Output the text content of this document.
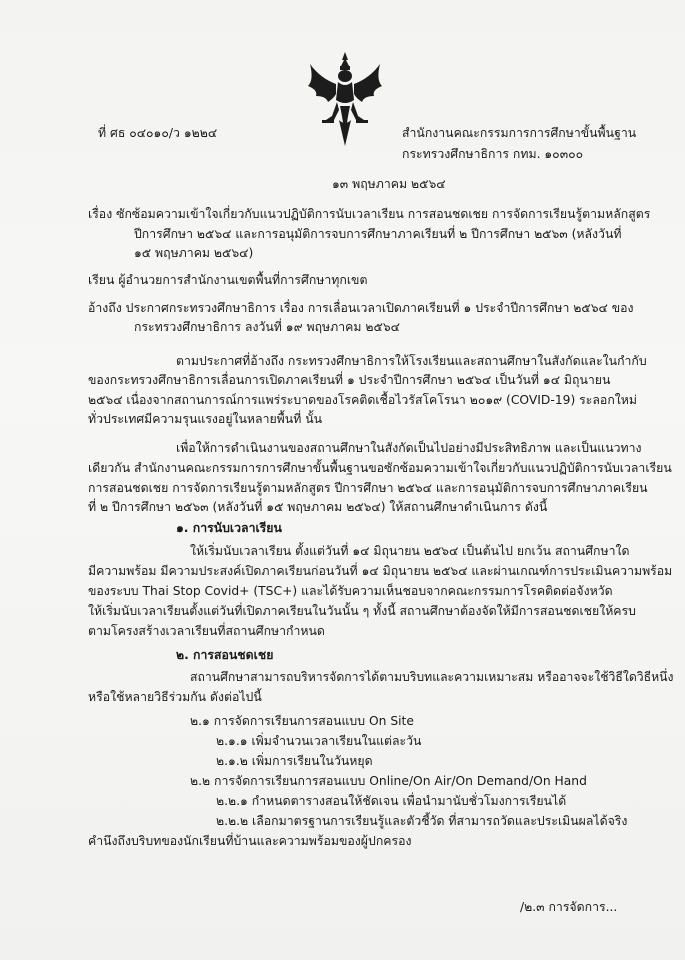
ที่ ศธ ๐๔๐๑๐/ว ๑๒๒๔	สำนักงานคณะกรรมการการศึกษาขั้นพื้นฐาน
กระทรวงศึกษาธิการ กทม. ๑๐๓๐๐
๑๓ พฤษภาคม ๒๕๖๔
เรื่อง ซักซ้อมความเข้าใจเกี่ยวกับแนวปฏิบัติการนับเวลาเรียน การสอนชดเชย การจัดการเรียนรู้ตามหลักสูตร
ปีการศึกษา ๒๕๖๔ และการอนุมัติการจบการศึกษาภาคเรียนที่ ๒ ปีการศึกษา ๒๕๖๓ (หลังวันที่
๑๕ พฤษภาคม ๒๕๖๔)
เรียน ผู้อำนวยการสำนักงานเขตพื้นที่การศึกษาทุกเขต
อ้างถึง ประกาศกระทรวงศึกษาธิการ เรื่อง การเลื่อนเวลาเปิดภาคเรียนที่ ๑ ประจำปีการศึกษา ๒๕๖๔ ของ
กระทรวงศึกษาธิการ ลงวันที่ ๑๙ พฤษภาคม ๒๕๖๔
ตามประกาศที่อ้างถึง กระทรวงศึกษาธิการให้โรงเรียนและสถานศึกษาในสังกัดและในกำกับ
ของกระทรวงศึกษาธิการเลื่อนการเปิดภาคเรียนที่ ๑ ประจำปีการศึกษา ๒๕๖๔ เป็นวันที่ ๑๔ มิถุนายน
๒๕๖๔ เนื่องจากสถานการณ์การแพร่ระบาดของโรคติดเชื้อไวรัสโคโรนา ๒๐๑๙ (COVID-19) ระลอกใหม่
ทั่วประเทศมีความรุนแรงอยู่ในหลายพื้นที่ นั้น
เพื่อให้การดำเนินงานของสถานศึกษาในสังกัดเป็นไปอย่างมีประสิทธิภาพ และเป็นแนวทาง
เดียวกัน สำนักงานคณะกรรมการการศึกษาขั้นพื้นฐานขอซักซ้อมความเข้าใจเกี่ยวกับแนวปฏิบัติการนับเวลาเรียน
การสอนชดเชย การจัดการเรียนรู้ตามหลักสูตร ปีการศึกษา ๒๕๖๔ และการอนุมัติการจบการศึกษาภาคเรียน
ที่ ๒ ปีการศึกษา ๒๕๖๓ (หลังวันที่ ๑๕ พฤษภาคม ๒๕๖๔) ให้สถานศึกษาดำเนินการ ดังนี้
๑. การนับเวลาเรียน
ให้เริ่มนับเวลาเรียน ตั้งแต่วันที่ ๑๔ มิถุนายน ๒๕๖๔ เป็นต้นไป ยกเว้น สถานศึกษาใด
มีความพร้อม มีความประสงค์เปิดภาคเรียนก่อนวันที่ ๑๔ มิถุนายน ๒๕๖๔ และผ่านเกณฑ์การประเมินความพร้อม
ของระบบ Thai Stop Covid+ (TSC+) และได้รับความเห็นชอบจากคณะกรรมการโรคติดต่อจังหวัด
ให้เริ่มนับเวลาเรียนตั้งแต่วันที่เปิดภาคเรียนในวันนั้น ๆ ทั้งนี้ สถานศึกษาต้องจัดให้มีการสอนชดเชยให้ครบ
ตามโครงสร้างเวลาเรียนที่สถานศึกษากำหนด
๒. การสอนชดเชย
สถานศึกษาสามารถบริหารจัดการได้ตามบริบทและความเหมาะสม หรืออาจจะใช้วิธีใดวิธีหนึ่ง
หรือใช้หลายวิธีร่วมกัน ดังต่อไปนี้
๒.๑ การจัดการเรียนการสอนแบบ On Site
๒.๑.๑ เพิ่มจำนวนเวลาเรียนในแต่ละวัน
๒.๑.๒ เพิ่มการเรียนในวันหยุด
๒.๒ การจัดการเรียนการสอนแบบ Online/On Air/On Demand/On Hand
๒.๒.๑ กำหนดตารางสอนให้ชัดเจน เพื่อนำมานับชั่วโมงการเรียนได้
๒.๒.๒ เลือกมาตรฐานการเรียนรู้และตัวชี้วัด ที่สามารถวัดและประเมินผลได้จริง
คำนึงถึงบริบทของนักเรียนที่บ้านและความพร้อมของผู้ปกครอง
/๒.๓ การจัดการ...
